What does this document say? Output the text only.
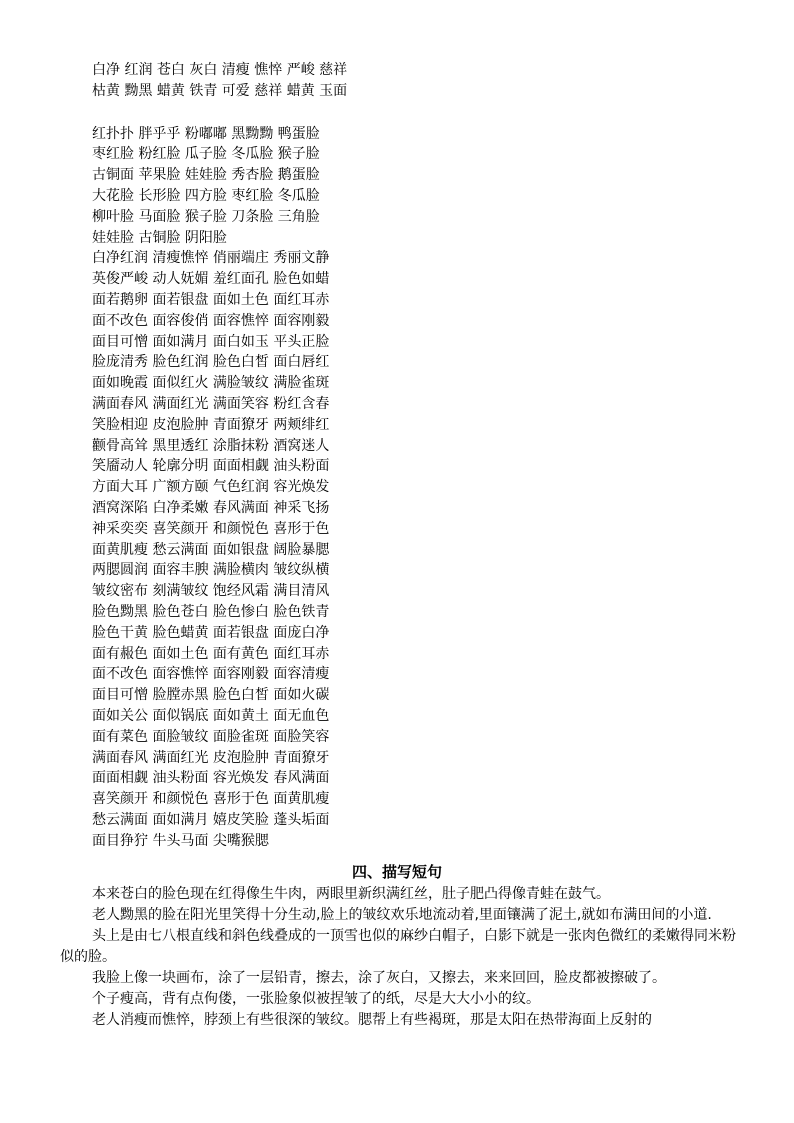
白净 红润 苍白 灰白 清瘦 憔悴 严峻 慈祥
枯黄 黝黑 蜡黄 铁青 可爱 慈祥 蜡黄 玉面
红扑扑 胖乎乎 粉嘟嘟 黑黝黝 鸭蛋脸
枣红脸 粉红脸 瓜子脸 冬瓜脸 猴子脸
古铜面 苹果脸 娃娃脸 秀杏脸 鹅蛋脸
大花脸 长形脸 四方脸 枣红脸 冬瓜脸
柳叶脸 马面脸 猴子脸 刀条脸 三角脸
娃娃脸 古铜脸 阴阳脸
白净红润 清瘦憔悴 俏丽端庄 秀丽文静
英俊严峻 动人妩媚 羞红面孔 脸色如蜡
面若鹅卵 面若银盘 面如土色 面红耳赤
面不改色 面容俊俏 面容憔悴 面容刚毅
面目可憎 面如满月 面白如玉 平头正脸
脸庞清秀 脸色红润 脸色白皙 面白唇红
面如晚霞 面似红火 满脸皱纹 满脸雀斑
满面春风 满面红光 满面笑容 粉红含春
笑脸相迎 皮泡脸肿 青面獠牙 两颊绯红
颧骨高耸 黑里透红 涂脂抹粉 酒窝迷人
笑靥动人 轮廓分明 面面相觑 油头粉面
方面大耳 广额方颐 气色红润 容光焕发
酒窝深陷 白净柔嫩 春风满面 神采飞扬
神采奕奕 喜笑颜开 和颜悦色 喜形于色
面黄肌瘦 愁云满面 面如银盘 阔脸暴腮
两腮圆润 面容丰腴 满脸横肉 皱纹纵横
皱纹密布 刻满皱纹 饱经风霜 满目清风
脸色黝黑 脸色苍白 脸色惨白 脸色铁青
脸色干黄 脸色蜡黄 面若银盘 面庞白净
面有赧色 面如土色 面有黄色 面红耳赤
面不改色 面容憔悴 面容刚毅 面容清瘦
面目可憎 脸膛赤黑 脸色白皙 面如火碳
面如关公 面似锅底 面如黄土 面无血色
面有菜色 面脸皱纹 面脸雀斑 面脸笑容
满面春风 满面红光 皮泡脸肿 青面獠牙
面面相觑 油头粉面 容光焕发 春风满面
喜笑颜开 和颜悦色 喜形于色 面黄肌瘦
愁云满面 面如满月 嬉皮笑脸 蓬头垢面
面目狰狞 牛头马面 尖嘴猴腮
四、描写短句

本来苍白的脸色现在红得像生牛肉，两眼里新织满红丝，肚子肥凸得像青蛙在鼓气。

老人黝黑的脸在阳光里笑得十分生动,脸上的皱纹欢乐地流动着,里面镶满了泥土,就如布满田间的小道.

头上是由七八根直线和斜色线叠成的一顶雪也似的麻纱白帽子，白影下就是一张肉色微红的柔嫩得同米粉似的脸。

我脸上像一块画布，涂了一层铅青，擦去，涂了灰白，又擦去，来来回回，脸皮都被擦破了。

个子瘦高，背有点佝偻，一张脸象似被捏皱了的纸，尽是大大小小的纹。

老人消瘦而憔悴，脖颈上有些很深的皱纹。腮帮上有些褐斑，那是太阳在热带海面上反射的
